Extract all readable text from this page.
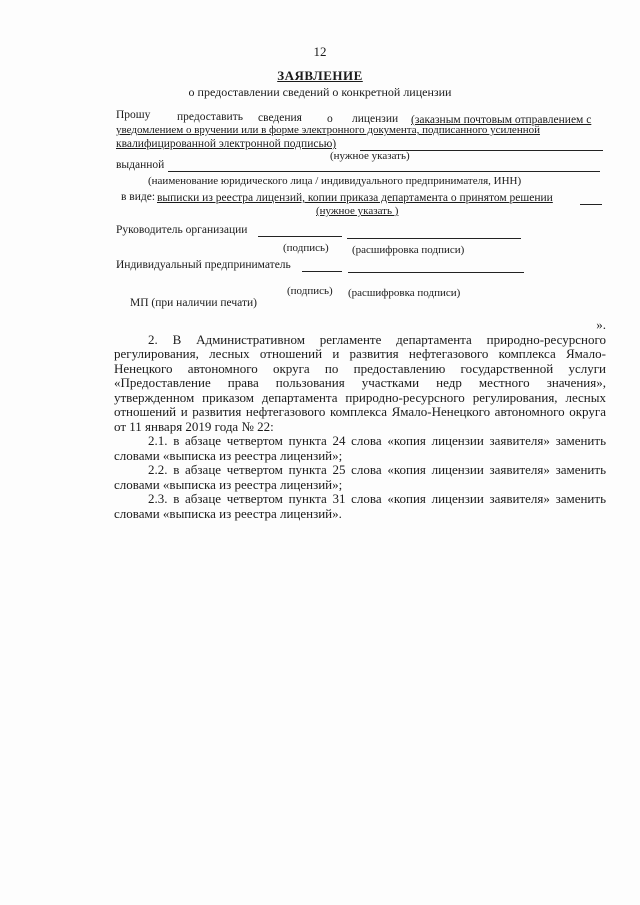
12
ЗАЯВЛЕНИЕ
о предоставлении сведений о конкретной лицензии
Прошу предоставить сведения о лицензии (заказным почтовым отправлением с
уведомлением о вручении или в форме электронного документа, подписанного усиленной
квалифицированной электронной подписью)
(нужное указать)
выданной
(наименование юридического лица / индивидуального предпринимателя, ИНН)
в виде: выписки из реестра лицензий, копии приказа департамента о принятом решении
(нужное указать )
Руководитель организации
(подпись) (расшифровка подписи)
Индивидуальный предприниматель
(подпись) (расшифровка подписи)
МП (при наличии печати)

».

2. В Административном регламенте департамента природно-ресурсного регулирования, лесных отношений и развития нефтегазового комплекса Ямало-Ненецкого автономного округа по предоставлению государственной услуги «Предоставление права пользования участками недр местного значения», утвержденном приказом департамента природно-ресурсного регулирования, лесных отношений и развития нефтегазового комплекса Ямало-Ненецкого автономного округа от 11 января 2019 года № 22:

2.1. в абзаце четвертом пункта 24 слова «копия лицензии заявителя» заменить словами «выписка из реестра лицензий»;

2.2. в абзаце четвертом пункта 25 слова «копия лицензии заявителя» заменить словами «выписка из реестра лицензий»;

2.3. в абзаце четвертом пункта 31 слова «копия лицензии заявителя» заменить словами «выписка из реестра лицензий».
